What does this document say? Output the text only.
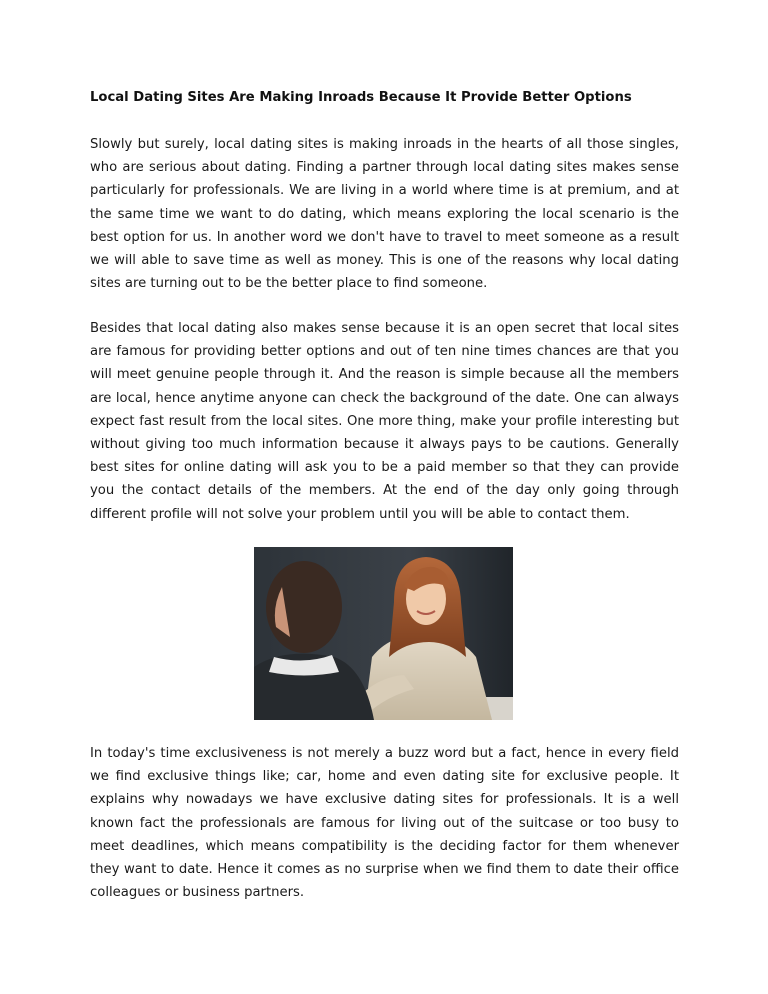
Local Dating Sites Are Making Inroads Because It Provide Better Options

Slowly but surely, local dating sites is making inroads in the hearts of all those singles, who are serious about dating. Finding a partner through local dating sites makes sense particularly for professionals. We are living in a world where time is at premium, and at the same time we want to do dating, which means exploring the local scenario is the best option for us. In another word we don't have to travel to meet someone as a result we will able to save time as well as money. This is one of the reasons why local dating sites are turning out to be the better place to find someone.

Besides that local dating also makes sense because it is an open secret that local sites are famous for providing better options and out of ten nine times chances are that you will meet genuine people through it. And the reason is simple because all the members are local, hence anytime anyone can check the background of the date. One can always expect fast result from the local sites. One more thing, make your profile interesting but without giving too much information because it always pays to be cautions. Generally best sites for online dating will ask you to be a paid member so that they can provide you the contact details of the members. At the end of the day only going through different profile will not solve your problem until you will be able to contact them.

In today's time exclusiveness is not merely a buzz word but a fact, hence in every field we find exclusive things like; car, home and even dating site for exclusive people. It explains why nowadays we have exclusive dating sites for professionals. It is a well known fact the professionals are famous for living out of the suitcase or too busy to meet deadlines, which means compatibility is the deciding factor for them whenever they want to date. Hence it comes as no surprise when we find them to date their office colleagues or business partners.
